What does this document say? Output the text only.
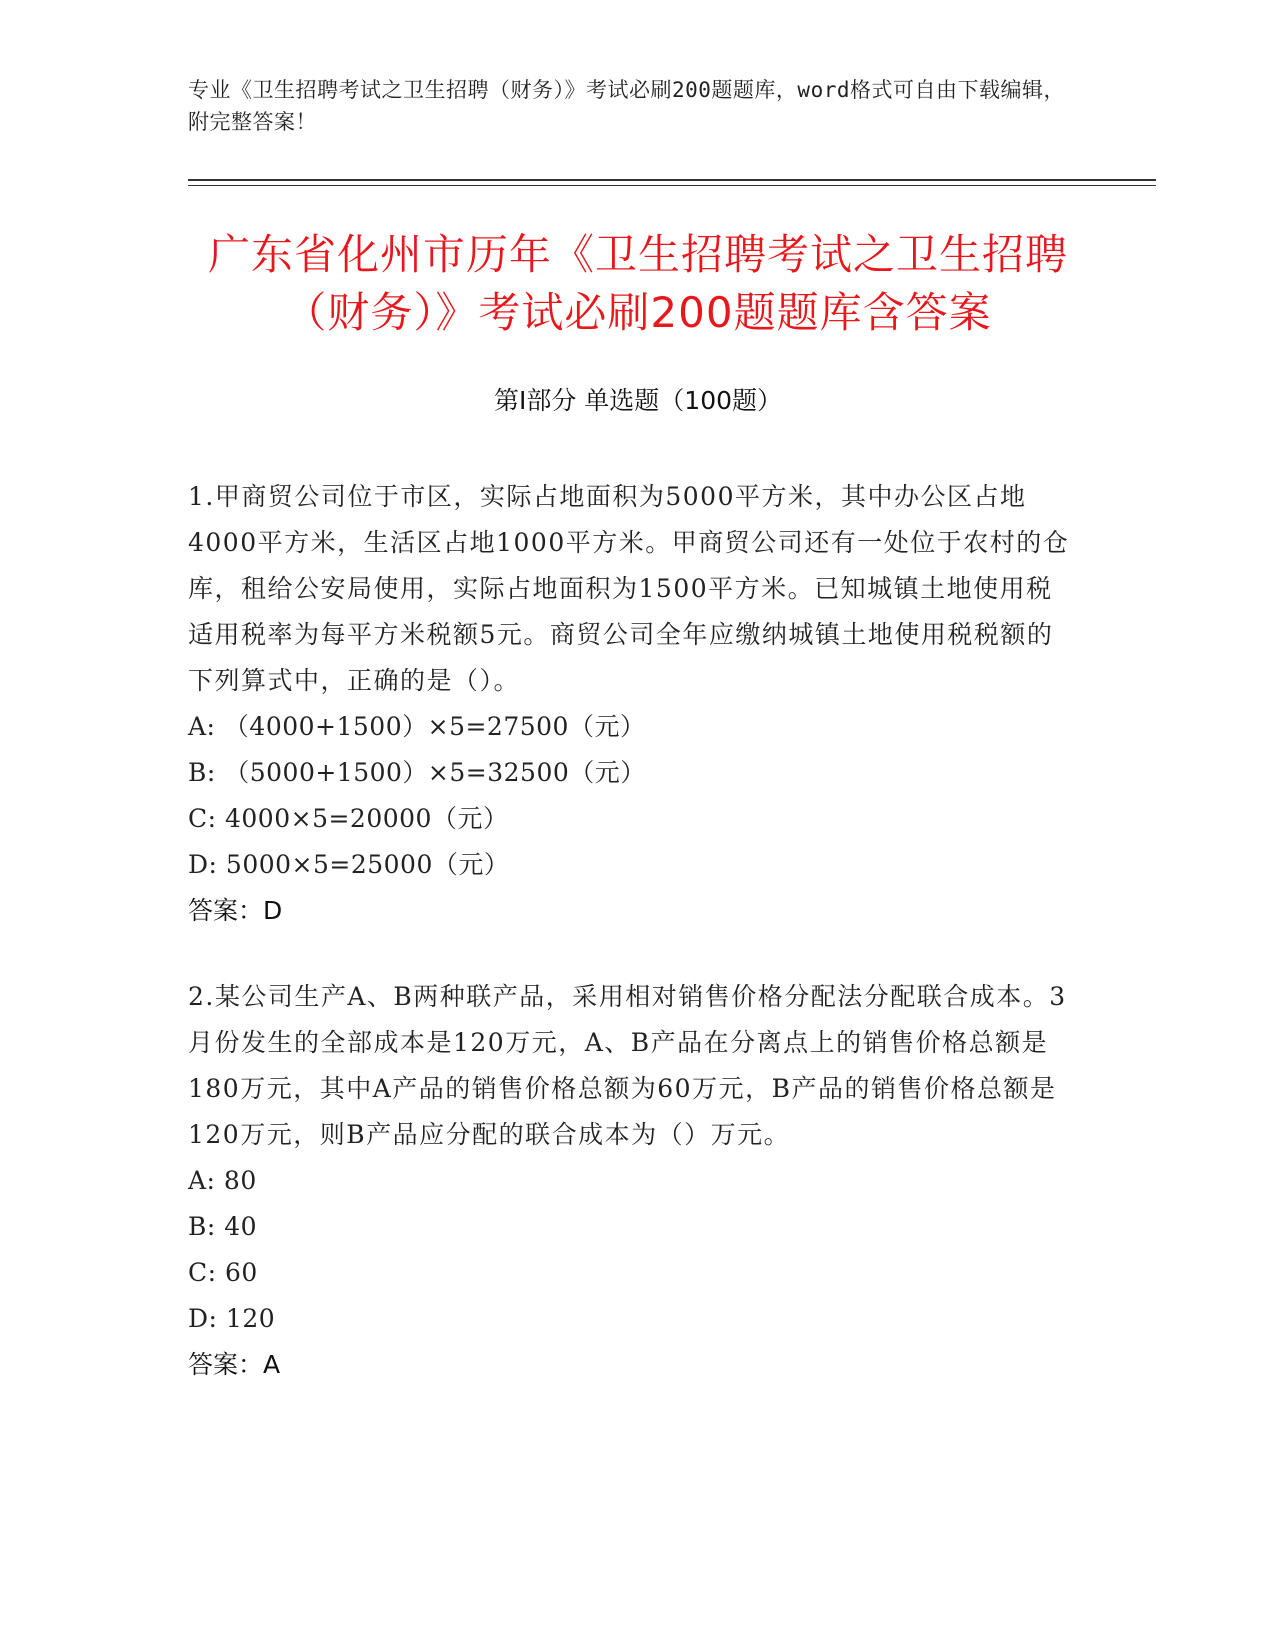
专业《卫生招聘考试之卫生招聘（财务）》考试必刷200题题库，word格式可自由下载编辑，附完整答案！
广东省化州市历年《卫生招聘考试之卫生招聘（财务）》考试必刷200题题库含答案
第I部分 单选题（100题）
1.甲商贸公司位于市区，实际占地面积为5000平方米，其中办公区占地4000平方米，生活区占地1000平方米。甲商贸公司还有一处位于农村的仓库，租给公安局使用，实际占地面积为1500平方米。已知城镇土地使用税适用税率为每平方米税额5元。商贸公司全年应缴纳城镇土地使用税税额的下列算式中，正确的是（）。
A: （4000+1500）×5=27500（元）
B: （5000+1500）×5=32500（元）
C: 4000×5=20000（元）
D: 5000×5=25000（元）
答案：D
2.某公司生产A、B两种联产品，采用相对销售价格分配法分配联合成本。3月份发生的全部成本是120万元，A、B产品在分离点上的销售价格总额是180万元，其中A产品的销售价格总额为60万元，B产品的销售价格总额是120万元，则B产品应分配的联合成本为（）万元。
A: 80
B: 40
C: 60
D: 120
答案：A
